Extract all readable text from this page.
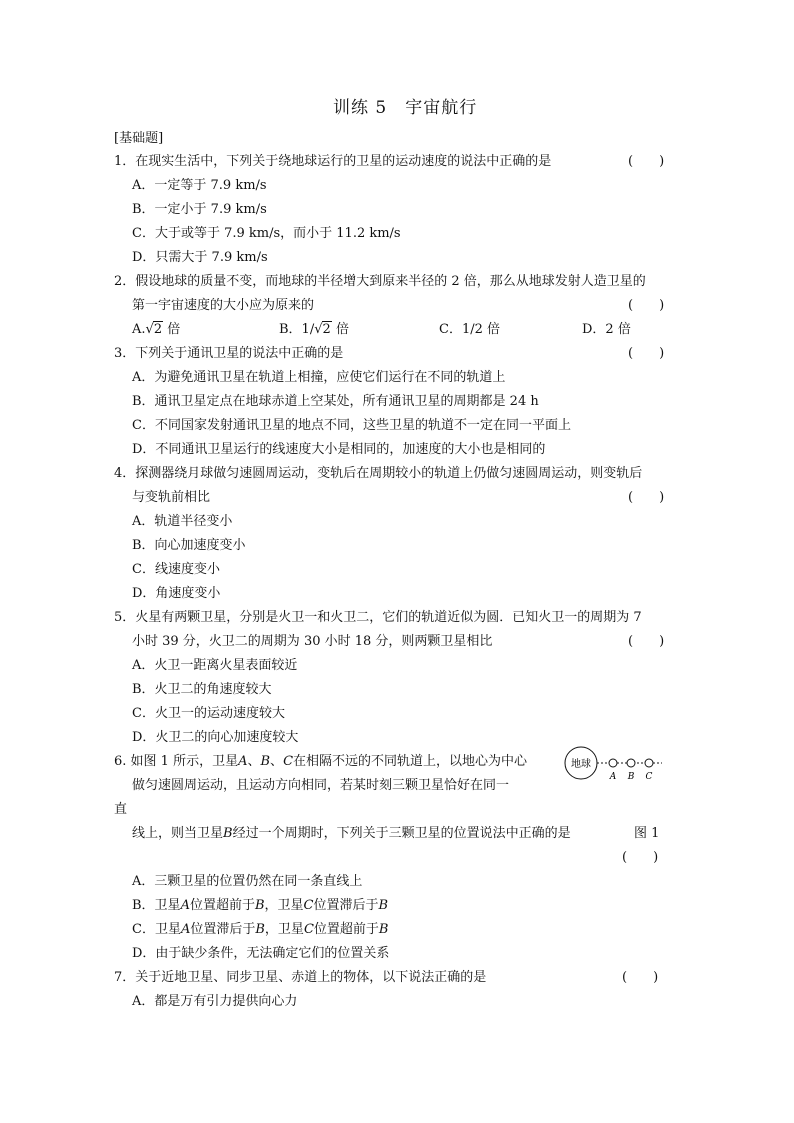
训练 5　宇宙航行
[基础题]
1．在现实生活中，下列关于绕地球运行的卫星的运动速度的说法中正确的是	(　　)
A．一定等于 7.9 km/s
B．一定小于 7.9 km/s
C．大于或等于 7.9 km/s，而小于 11.2 km/s
D．只需大于 7.9 km/s
2．假设地球的质量不变，而地球的半径增大到原来半径的 2 倍，那么从地球发射人造卫星的
第一宇宙速度的大小应为原来的	(　　)
A.√2 倍	B．1/√2 倍	C．1/2 倍	D．2 倍
3．下列关于通讯卫星的说法中正确的是	(　　)
A．为避免通讯卫星在轨道上相撞，应使它们运行在不同的轨道上
B．通讯卫星定点在地球赤道上空某处，所有通讯卫星的周期都是 24 h
C．不同国家发射通讯卫星的地点不同，这些卫星的轨道不一定在同一平面上
D．不同通讯卫星运行的线速度大小是相同的，加速度的大小也是相同的
4．探测器绕月球做匀速圆周运动，变轨后在周期较小的轨道上仍做匀速圆周运动，则变轨后
与变轨前相比	(　　)
A．轨道半径变小
B．向心加速度变小
C．线速度变小
D．角速度变小
5．火星有两颗卫星，分别是火卫一和火卫二，它们的轨道近似为圆．已知火卫一的周期为 7
小时 39 分，火卫二的周期为 30 小时 18 分，则两颗卫星相比	(　　)
A．火卫一距离火星表面较近
B．火卫二的角速度较大
C．火卫一的运动速度较大
D．火卫二的向心加速度较大
6. 如图 1 所示，卫星A、B、C在相隔不远的不同轨道上，以地心为中心
做匀速圆周运动，且运动方向相同，若某时刻三颗卫星恰好在同一
直
线上，则当卫星B经过一个周期时，下列关于三颗卫星的位置说法中正确的是	图 1
(　　)
A．三颗卫星的位置仍然在同一条直线上
B．卫星A位置超前于B，卫星C位置滞后于B
C．卫星A位置滞后于B，卫星C位置超前于B
D．由于缺少条件，无法确定它们的位置关系
地球
A B C
7．关于近地卫星、同步卫星、赤道上的物体，以下说法正确的是	(　　)
A．都是万有引力提供向心力
